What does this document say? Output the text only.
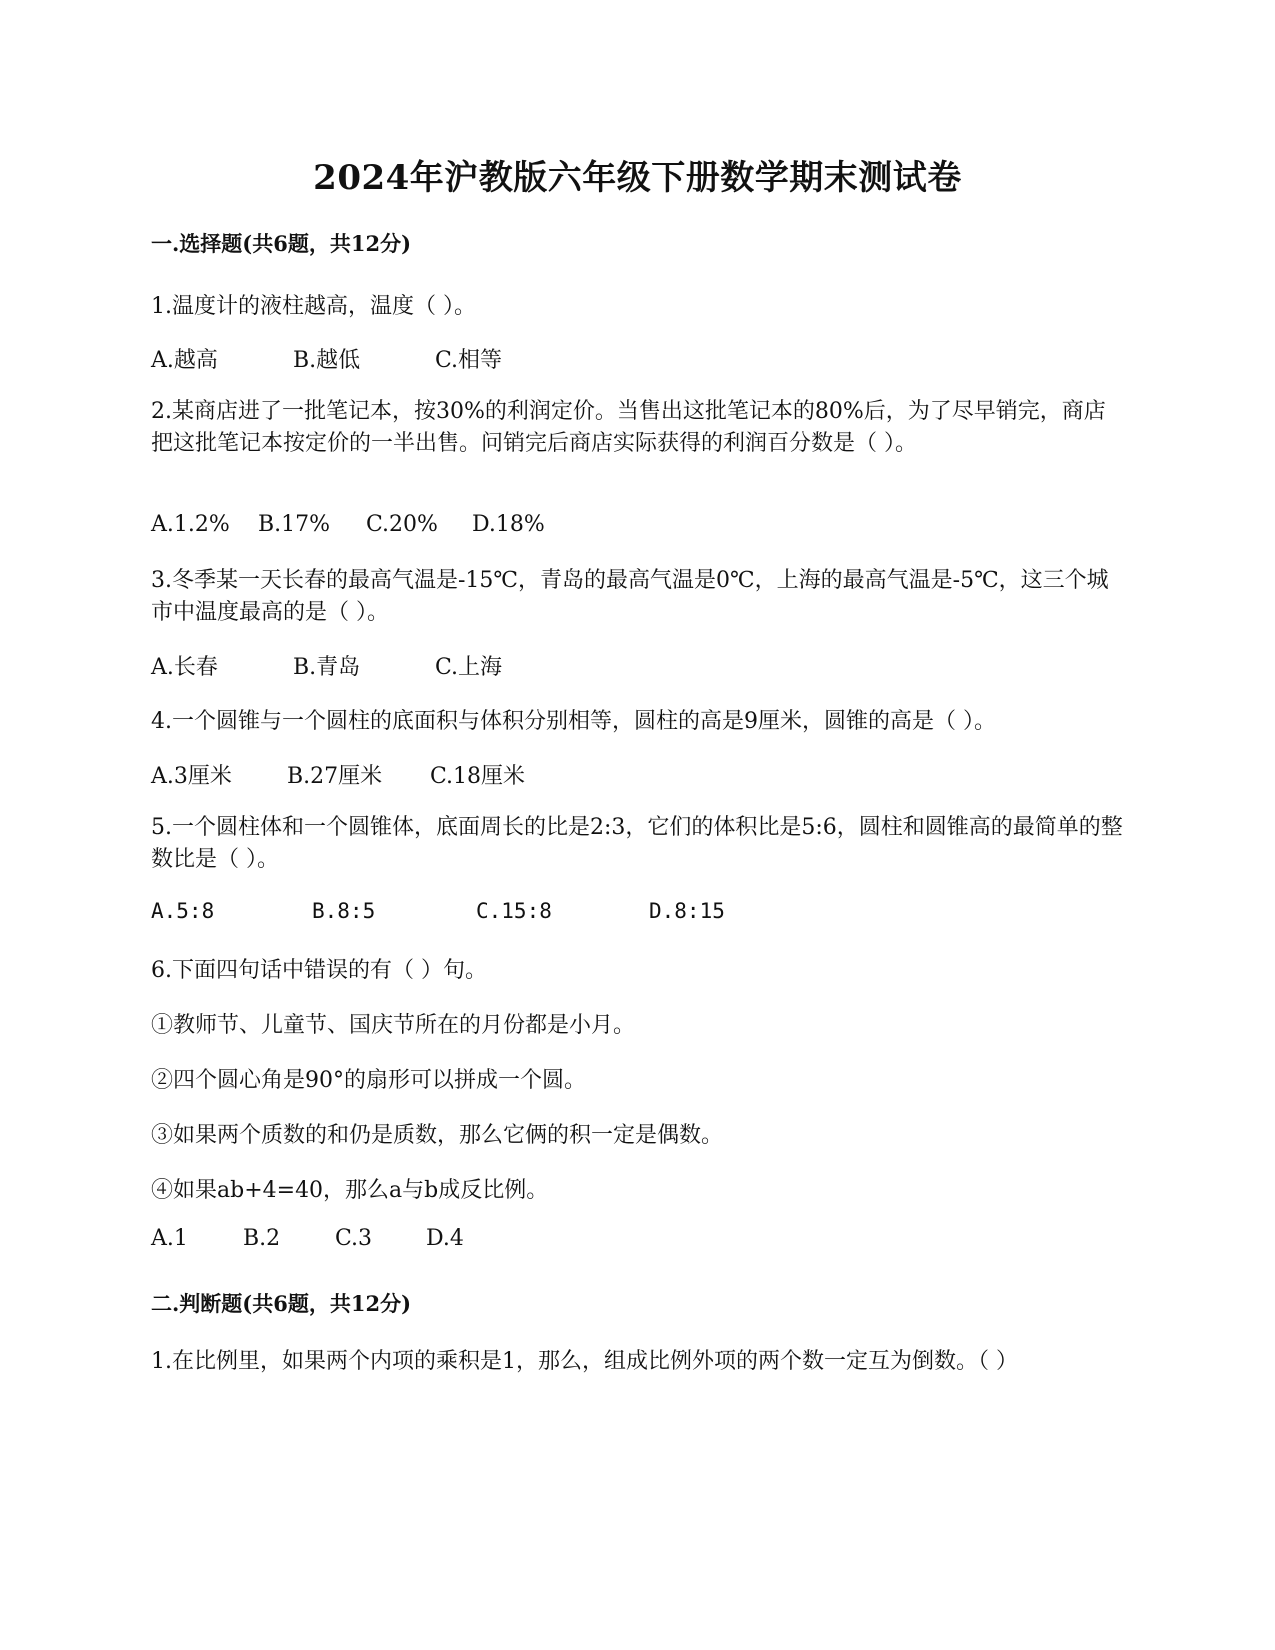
2024年沪教版六年级下册数学期末测试卷
一.选择题(共6题，共12分)
1.温度计的液柱越高，温度（ ）。
A.越高	B.越低	C.相等
2.某商店进了一批笔记本，按30%的利润定价。当售出这批笔记本的80%后，为了尽早销完，商店把这批笔记本按定价的一半出售。问销完后商店实际获得的利润百分数是（ ）。
A.1.2% B.17% C.20% D.18%
3.冬季某一天长春的最高气温是-15℃，青岛的最高气温是0℃，上海的最高气温是-5℃，这三个城市中温度最高的是（ ）。
A.长春	B.青岛	C.上海
4.一个圆锥与一个圆柱的底面积与体积分别相等，圆柱的高是9厘米，圆锥的高是（ ）。
A.3厘米	B.27厘米 C.18厘米
5.一个圆柱体和一个圆锥体，底面周长的比是2:3，它们的体积比是5:6，圆柱和圆锥高的最简单的整数比是（ ）。
A.5:8	B.8:5	C.15:8	D.8:15
6.下面四句话中错误的有（ ）句。
①教师节、儿童节、国庆节所在的月份都是小月。
②四个圆心角是90°的扇形可以拼成一个圆。
③如果两个质数的和仍是质数，那么它俩的积一定是偶数。
④如果ab+4=40，那么a与b成反比例。
A.1	B.2 C.3 D.4
二.判断题(共6题，共12分)
1.在比例里，如果两个内项的乘积是1，那么，组成比例外项的两个数一定互为倒数。（ ）
